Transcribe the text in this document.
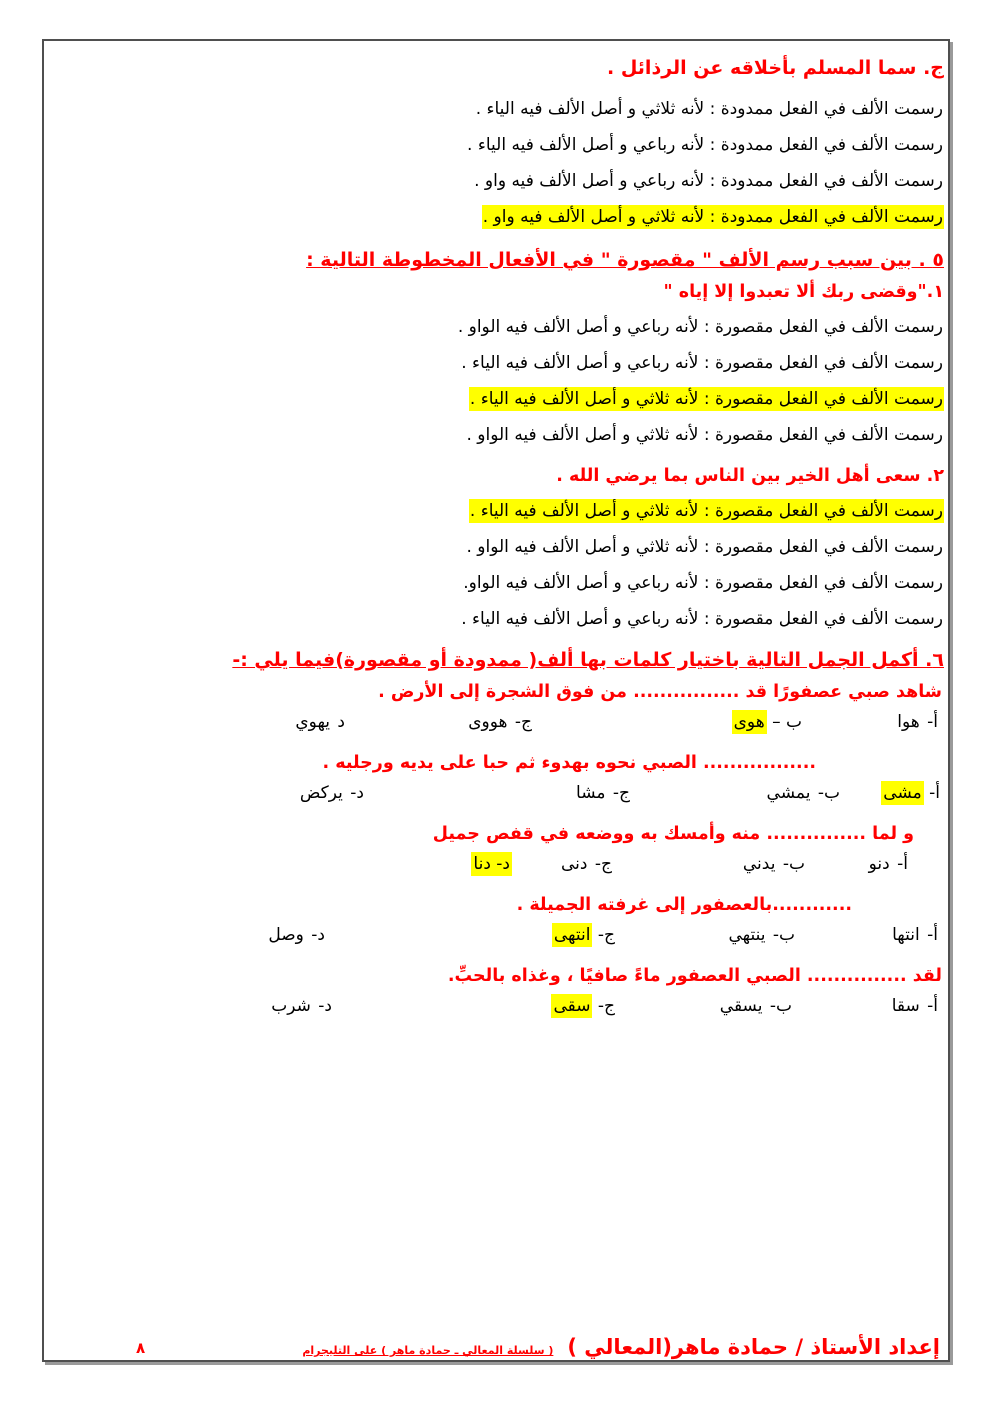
ج. سما المسلم بأخلاقه عن الرذائل .
رسمت الألف في الفعل ممدودة : لأنه ثلاثي و أصل الألف فيه الياء .
رسمت الألف في الفعل ممدودة : لأنه رباعي و أصل الألف فيه الياء .
رسمت الألف في الفعل ممدودة : لأنه رباعي و أصل الألف فيه واو .
رسمت الألف في الفعل ممدودة : لأنه ثلاثي و أصل الألف فيه واو .
٥ . بين سبب رسم الألف " مقصورة " في الأفعال المخطوطة التالية :
١."وقضى ربك ألا تعبدوا إلا إياه "
رسمت الألف في الفعل مقصورة : لأنه رباعي و أصل الألف فيه الواو .
رسمت الألف في الفعل مقصورة : لأنه رباعي و أصل الألف فيه الياء .
رسمت الألف في الفعل مقصورة : لأنه ثلاثي و أصل الألف فيه الياء .
رسمت الألف في الفعل مقصورة : لأنه ثلاثي و أصل الألف فيه الواو .
٢. سعى أهل الخير بين الناس بما يرضي الله .
رسمت الألف في الفعل مقصورة : لأنه ثلاثي و أصل الألف فيه الياء .
رسمت الألف في الفعل مقصورة : لأنه ثلاثي و أصل الألف فيه الواو .
رسمت الألف في الفعل مقصورة : لأنه رباعي و أصل الألف فيه الواو.
رسمت الألف في الفعل مقصورة : لأنه رباعي و أصل الألف فيه الياء .
٦. أكمل الجمل التالية باختيار كلمات بها ألف( ممدودة أو مقصورة)فيما يلي :-
شاهد صبي عصفورًا قد ................ من فوق الشجرة إلى الأرض .
أ- هوا
ب – هوى
ج- هووى
د يهوي
................. الصبي نحوه بهدوء ثم حبا على يديه ورجليه .
أ- مشى
ب- يمشي
ج- مشا
د- يركض
و لما ............... منه وأمسك به ووضعه في قفص جميل
أ- دنو
ب- يدني
ج- دنى
د- دنا
............بالعصفور إلى غرفته الجميلة .
أ- انتها
ب- ينتهي
ج- انتهى
د- وصل
لقد ............... الصبي العصفور ماءً صافيًا ، وغذاه بالحبِّ.
أ- سقا
ب- يسقي
ج- سقى
د- شرب
إعداد الأستاذ / حمادة ماهر(المعالي )( سلسلة المعالي ـ حمادة ماهر ) على التليجرام
٨
